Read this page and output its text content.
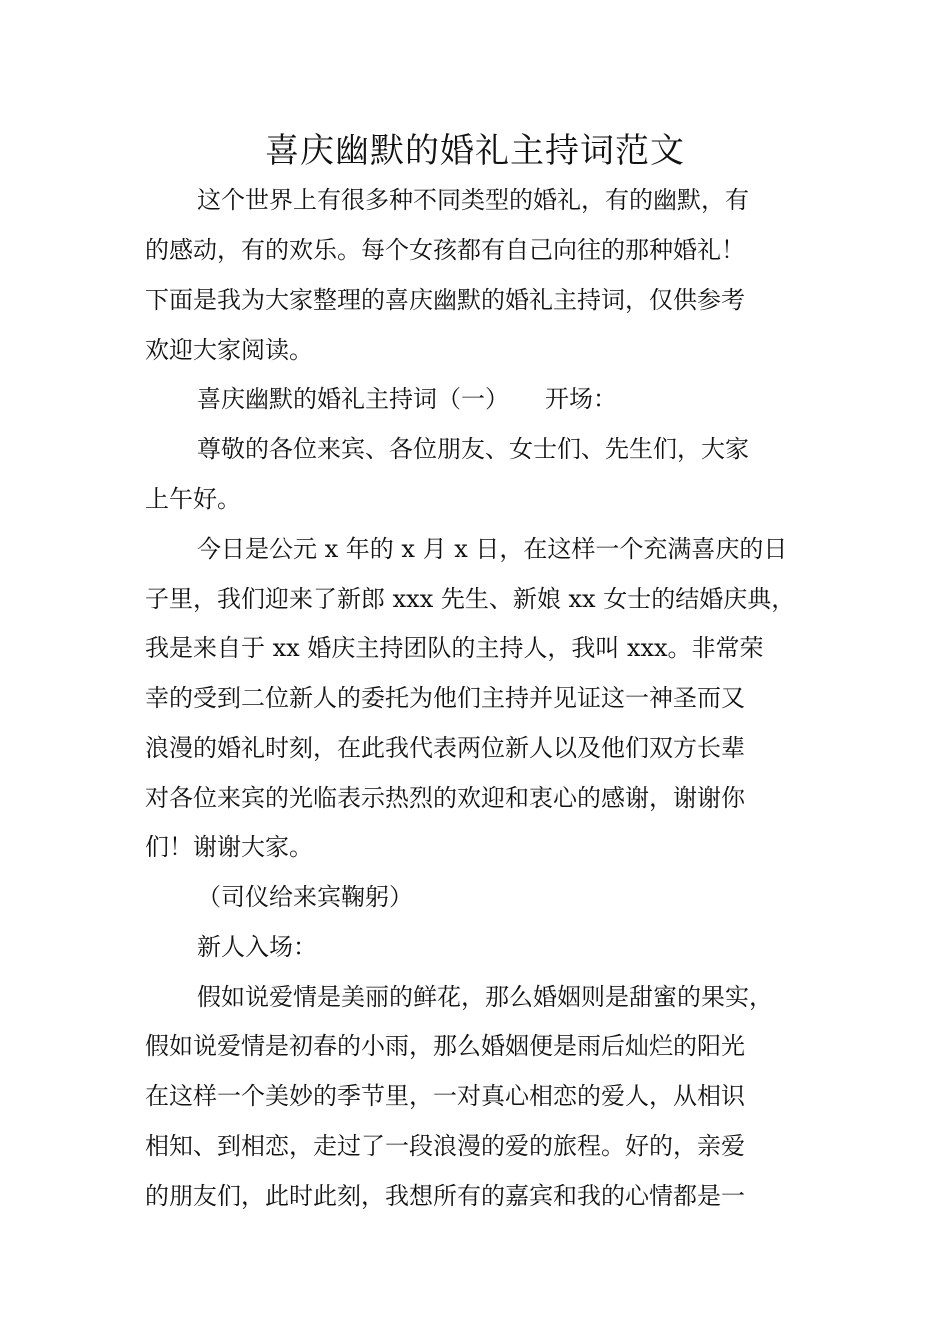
喜庆幽默的婚礼主持词范文
这个世界上有很多种不同类型的婚礼，有的幽默，有
的感动，有的欢乐。每个女孩都有自己向往的那种婚礼！
下面是我为大家整理的喜庆幽默的婚礼主持词，仅供参考
欢迎大家阅读。
喜庆幽默的婚礼主持词（一）　　开场：
尊敬的各位来宾、各位朋友、女士们、先生们，大家
上午好。
今日是公元 x 年的 x 月 x 日，在这样一个充满喜庆的日
子里，我们迎来了新郎 xxx 先生、新娘 xx 女士的结婚庆典，
我是来自于 xx 婚庆主持团队的主持人，我叫 xxx。非常荣
幸的受到二位新人的委托为他们主持并见证这一神圣而又
浪漫的婚礼时刻，在此我代表两位新人以及他们双方长辈
对各位来宾的光临表示热烈的欢迎和衷心的感谢，谢谢你
们！谢谢大家。
（司仪给来宾鞠躬）
新人入场：
假如说爱情是美丽的鲜花，那么婚姻则是甜蜜的果实，
假如说爱情是初春的小雨，那么婚姻便是雨后灿烂的阳光
在这样一个美妙的季节里，一对真心相恋的爱人，从相识
相知、到相恋，走过了一段浪漫的爱的旅程。好的，亲爱
的朋友们，此时此刻，我想所有的嘉宾和我的心情都是一
